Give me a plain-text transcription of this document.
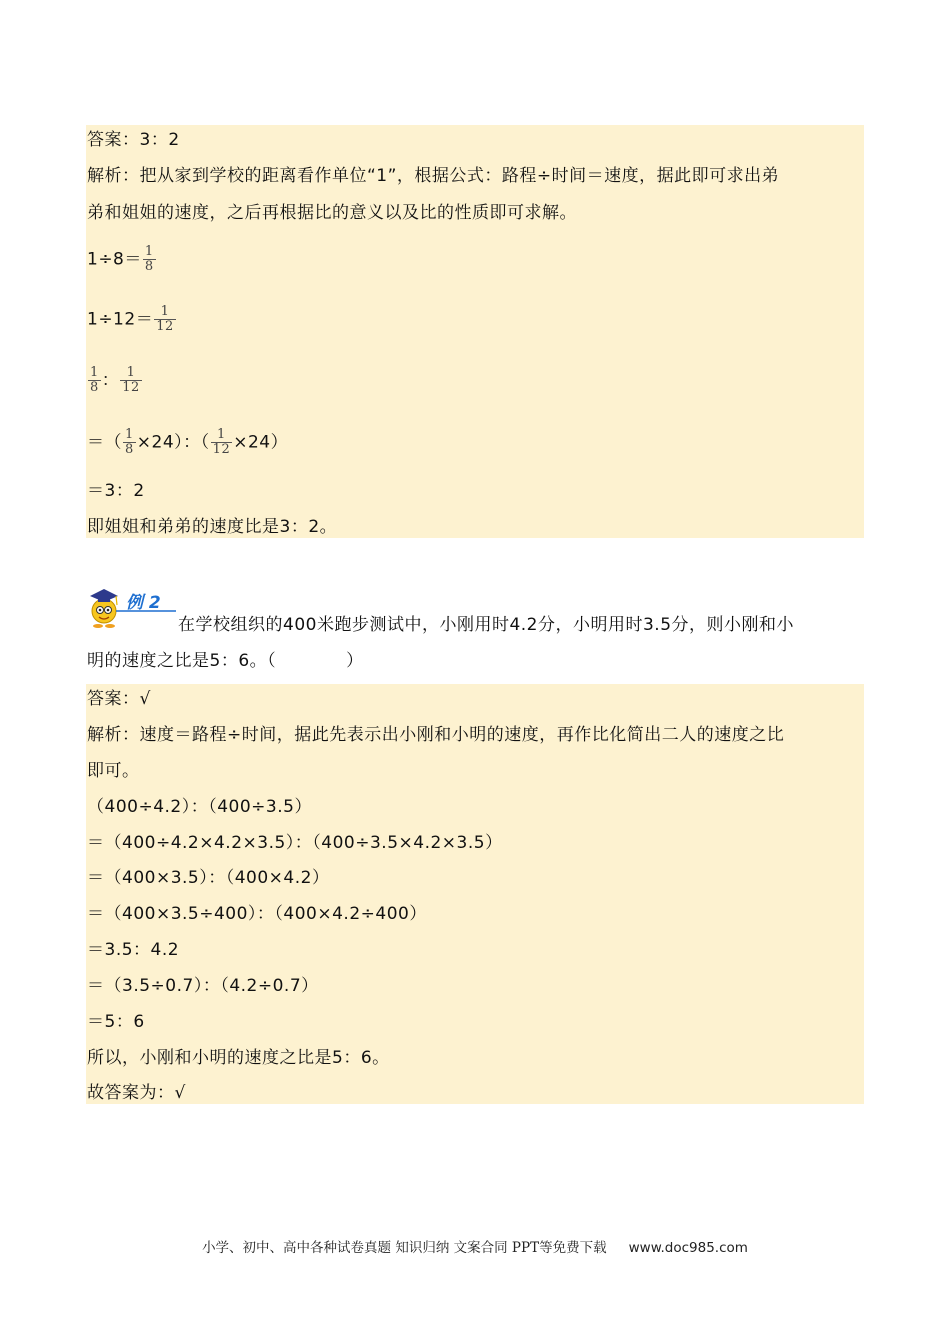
答案：3：2
解析：把从家到学校的距离看作单位“1”，根据公式：路程÷时间＝速度，据此即可求出弟
弟和姐姐的速度，之后再根据比的意义以及比的性质即可求解。
$1\div 8= \frac{1}{8}$
$1\div 12= \frac{1}{12}$
$\frac{1}{8}$ ： $\frac{1}{12}$
＝（ $\frac{1}{8} \times 24$）：（ $\frac{1}{12} \times 24$）
＝3：2
即姐姐和弟弟的速度比是3：2。
例 2
在学校组织的400米跑步测试中，小刚用时4.2分，小明用时3.5分，则小刚和小
明的速度之比是5：6。（　　　　）
答案：√
解析：速度＝路程÷时间，据此先表示出小刚和小明的速度，再作比化简出二人的速度之比
即可。
（400÷4.2）：（400÷3.5）
＝（400÷4.2×4.2×3.5）：（400÷3.5×4.2×3.5）
＝（400×3.5）：（400×4.2）
＝（400×3.5÷400）：（400×4.2÷400）
＝3.5：4.2
＝（3.5÷0.7）：（4.2÷0.7）
＝5：6
所以，小刚和小明的速度之比是5：6。
故答案为：√
小学、初中、高中各种试卷真题 知识归纳 文案合同 PPT等免费下载 www.doc985.com
